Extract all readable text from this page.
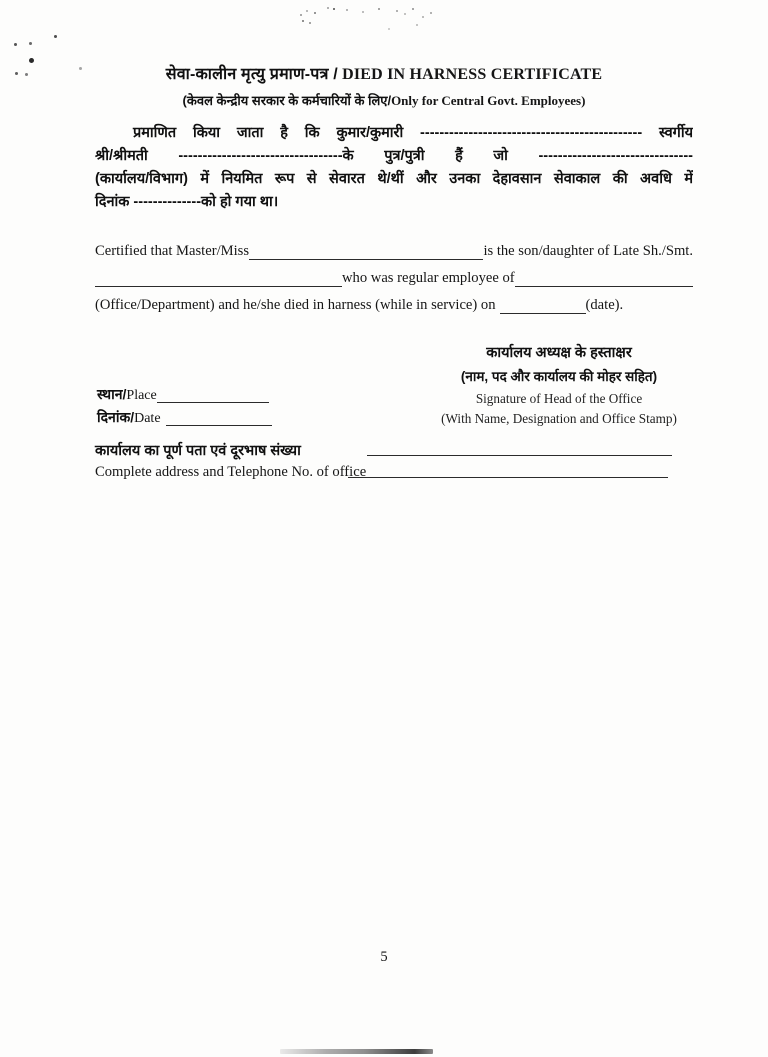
सेवा-कालीन मृत्यु प्रमाण-पत्र / DIED IN HARNESS CERTIFICATE
(केवल केन्द्रीय सरकार के कर्मचारियों के लिए/Only for Central Govt. Employees)
प्रमाणित किया जाता है कि कुमार/कुमारी ---------------------------------------------- स्वर्गीय
श्री/श्रीमती ----------------------------------के पुत्र/पुत्री हैं जो --------------------------------
(कार्यालय/विभाग) में नियमित रूप से सेवारत थे/थीं और उनका देहावसान सेवाकाल की अवधि में
दिनांक --------------को हो गया था।
Certified that Master/Miss	is the son/daughter of Late Sh./Smt.
who was regular employee of
(Office/Department) and he/she died in harness (while in service) on	(date).
कार्यालय अध्यक्ष के हस्ताक्षर
(नाम, पद और कार्यालय की मोहर सहित)
Signature of Head of the Office
(With Name, Designation and Office Stamp)
स्थान/ Place
दिनांक/ Date
कार्यालय का पूर्ण पता एवं दूरभाष संख्या
Complete address and Telephone No. of office
5
